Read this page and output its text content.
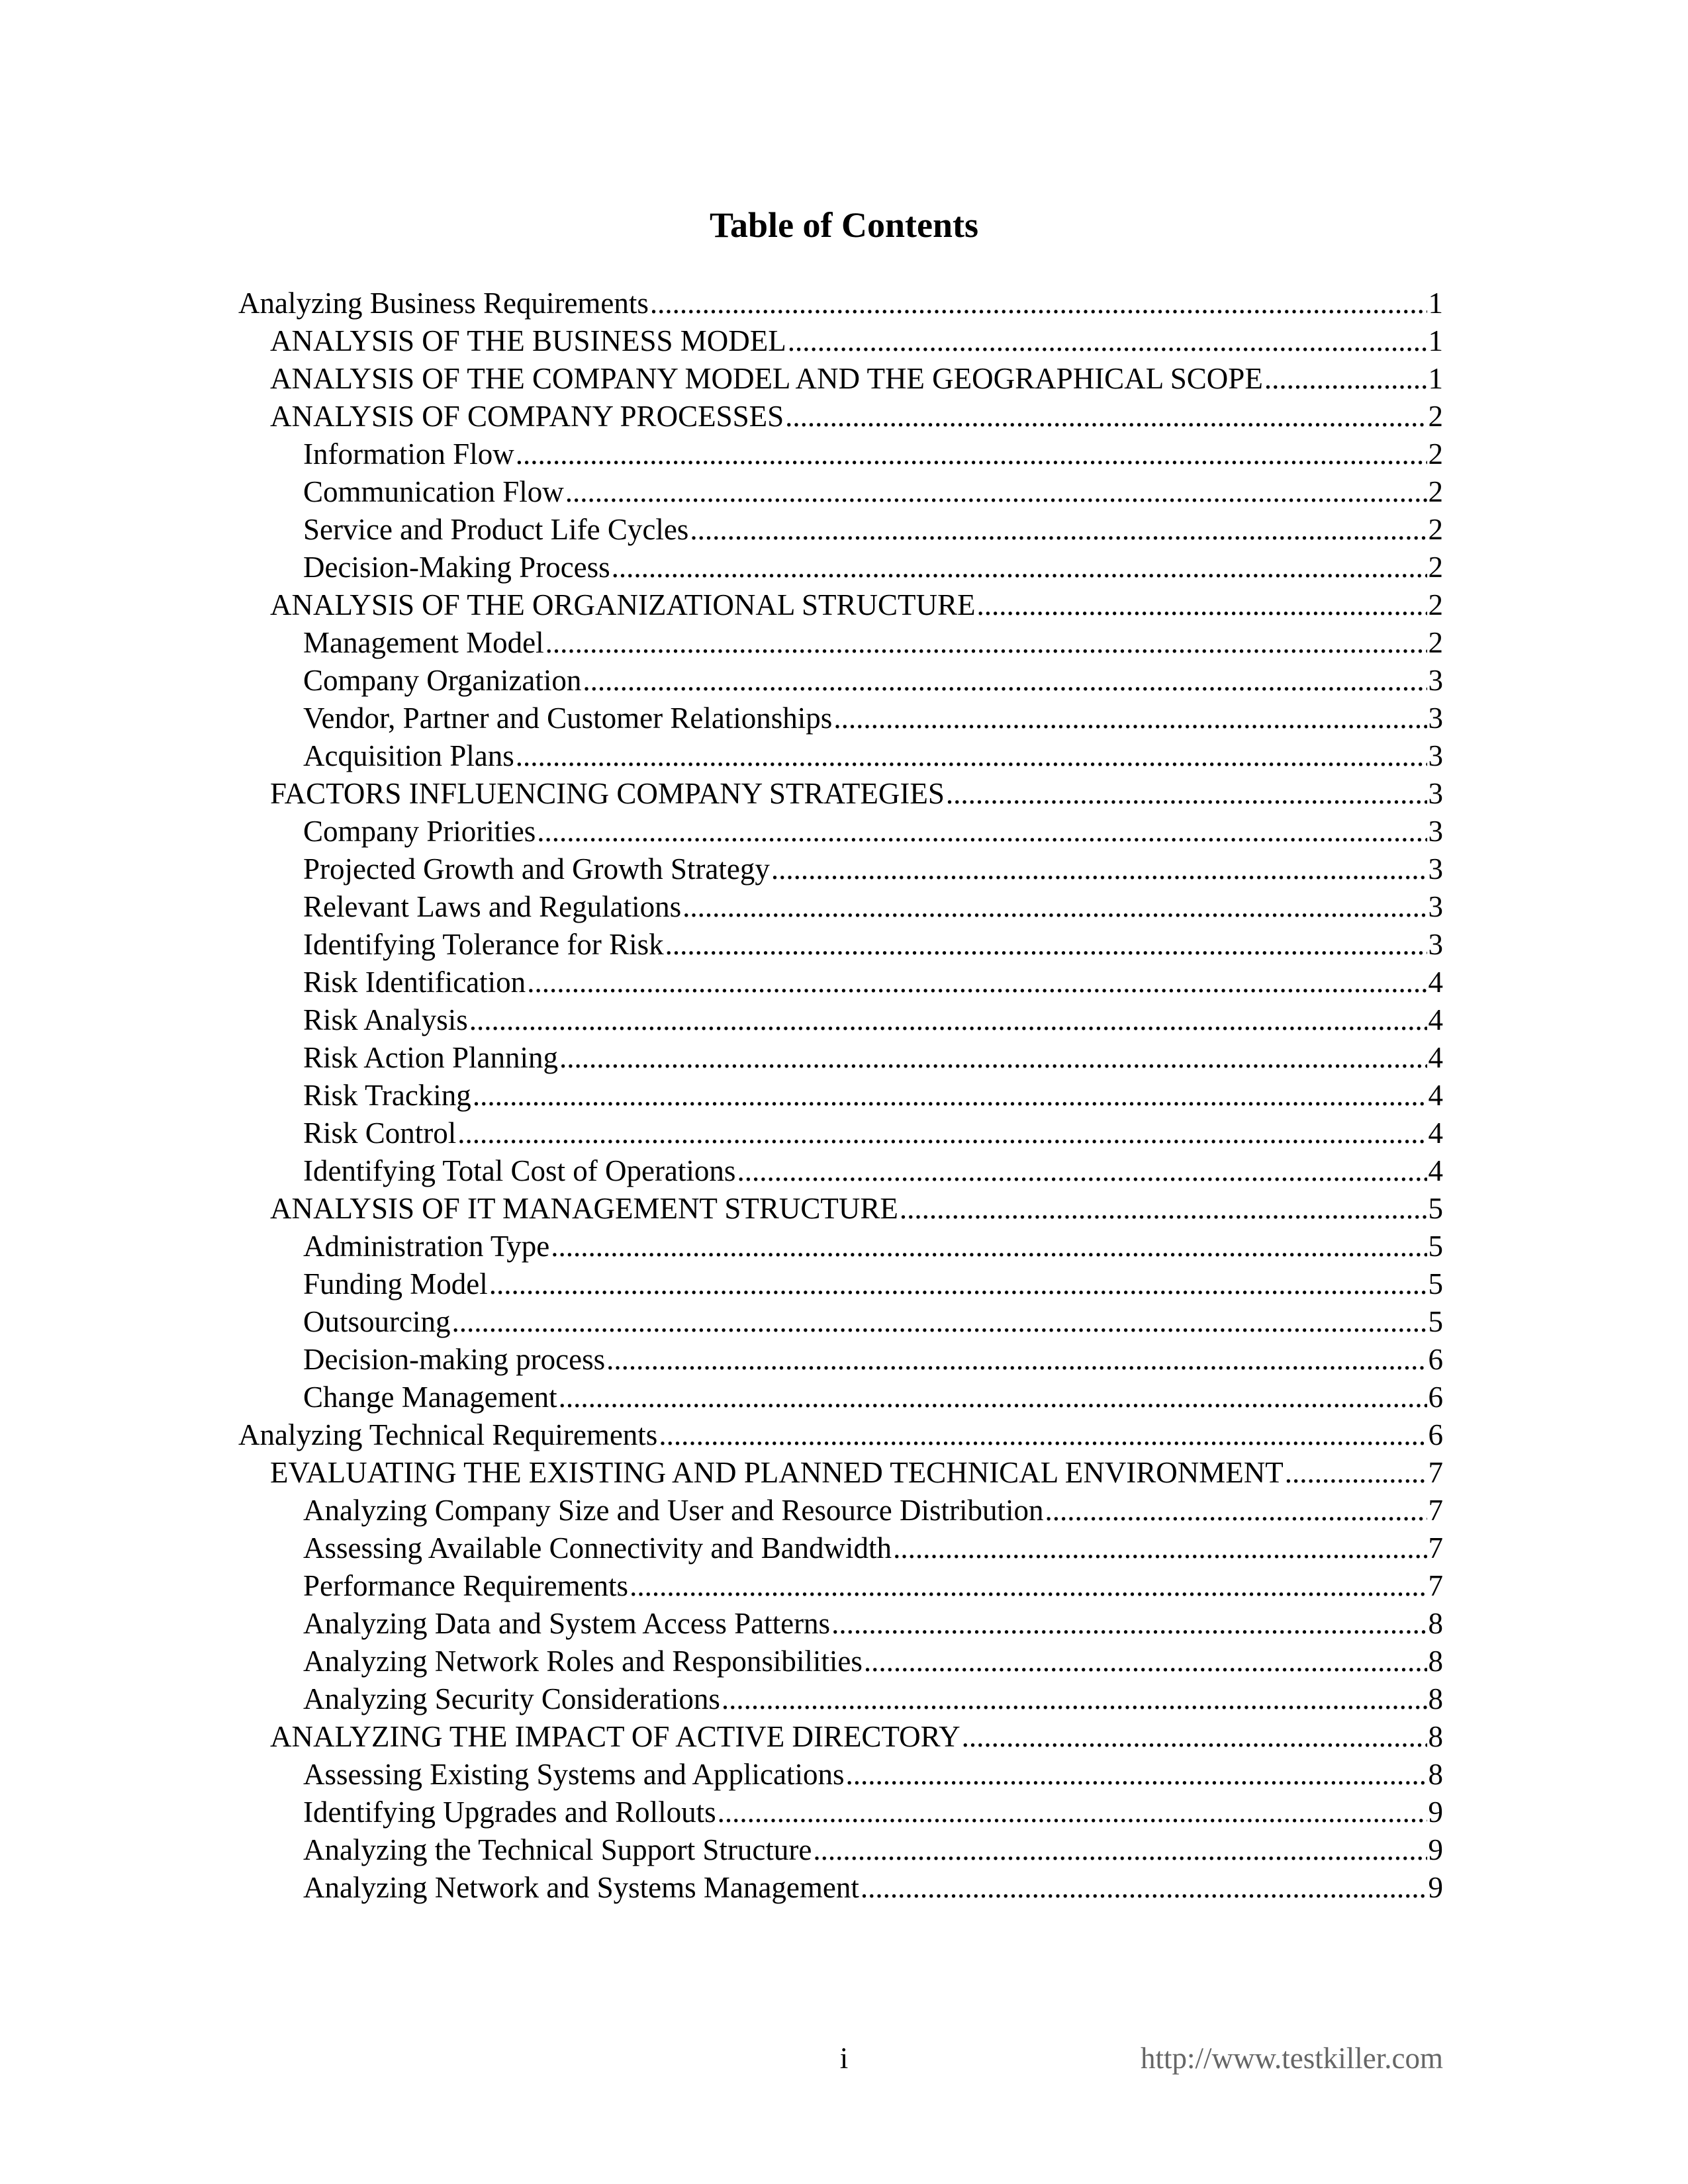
Table of Contents
Analyzing Business Requirements .....	1
ANALYSIS OF THE BUSINESS MODEL .....	1
ANALYSIS OF THE COMPANY MODEL AND THE GEOGRAPHICAL SCOPE .....	1
ANALYSIS OF COMPANY PROCESSES .....	2
Information Flow .....	2
Communication Flow .....	2
Service and Product Life Cycles .....	2
Decision-Making Process .....	2
ANALYSIS OF THE ORGANIZATIONAL STRUCTURE .....	2
Management Model .....	2
Company Organization .....	3
Vendor, Partner and Customer Relationships .....	3
Acquisition Plans .....	3
FACTORS INFLUENCING COMPANY STRATEGIES .....	3
Company Priorities .....	3
Projected Growth and Growth Strategy .....	3
Relevant Laws and Regulations .....	3
Identifying Tolerance for Risk .....	3
Risk Identification .....	4
Risk Analysis .....	4
Risk Action Planning .....	4
Risk Tracking .....	4
Risk Control .....	4
Identifying Total Cost of Operations .....	4
ANALYSIS OF IT MANAGEMENT STRUCTURE .....	5
Administration Type .....	5
Funding Model .....	5
Outsourcing .....	5
Decision-making process .....	6
Change Management .....	6
Analyzing Technical Requirements .....	6
EVALUATING THE EXISTING AND PLANNED TECHNICAL ENVIRONMENT .....	7
Analyzing Company Size and User and Resource Distribution .....	7
Assessing Available Connectivity and Bandwidth .....	7
Performance Requirements .....	7
Analyzing Data and System Access Patterns .....	8
Analyzing Network Roles and Responsibilities .....	8
Analyzing Security Considerations .....	8
ANALYZING THE IMPACT OF ACTIVE DIRECTORY .....	8
Assessing Existing Systems and Applications .....	8
Identifying Upgrades and Rollouts .....	9
Analyzing the Technical Support Structure .....	9
Analyzing Network and Systems Management .....	9
i	http://www.testkiller.com
